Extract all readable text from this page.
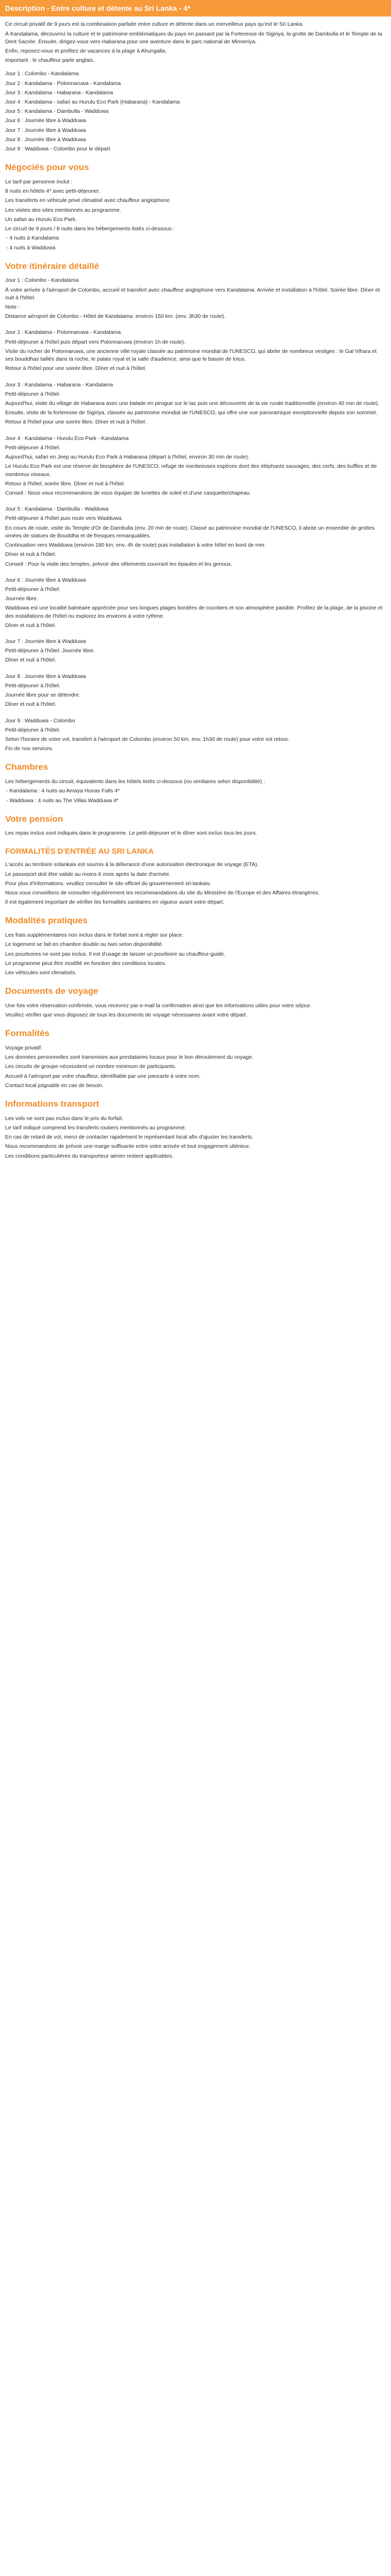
Description - Entre culture et détente au Sri Lanka - 4*

Ce circuit privatif de 9 jours est la combinaison parfaite entre culture et détente dans un merveilleux pays qu'est le Sri Lanka.

À Kandalama, découvrez la culture et le patrimoine emblématiques du pays en passant par la Forteresse de Sigiriya, la grotte de Dambulla et le Temple de la Dent Sacrée. Ensuite, dirigez-vous vers Habarana pour une aventure dans le parc national de Minneriya.

Enfin, reposez-vous et profitez de vacances à la plage à Ahungalla.

Important : le chauffeur parle anglais.

Jour 1 : Colombo - Kandalama

Jour 2 : Kandalama - Polonnaruwa - Kandalama

Jour 3 : Kandalama - Habarana - Kandalama

Jour 4 : Kandalama - safari au Hurulu Eco Park (Habarana) - Kandalama

Jour 5 : Kandalama - Dambulla - Wadduwa

Jour 6 : Journée libre à Wadduwa

Jour 7 : Journée libre à Wadduwa

Jour 8 : Journée libre à Wadduwa

Jour 9 : Wadduwa - Colombo pour le départ

Négociés pour vous

Le tarif par personne inclut :

8 nuits en hôtels 4* avec petit-déjeuner.

Les transferts en véhicule privé climatisé avec chauffeur anglophone.

Les visites des sites mentionnés au programme.

Un safari au Hurulu Eco Park.

Le circuit de 9 jours / 8 nuits dans les hébergements listés ci-dessous :

- 4 nuits à Kandalama

- 4 nuits à Wadduwa

Votre itinéraire détaillé

Jour 1 : Colombo - Kandalama

À votre arrivée à l'aéroport de Colombo, accueil et transfert avec chauffeur anglophone vers Kandalama. Arrivée et installation à l'hôtel. Soirée libre. Dîner et nuit à l'hôtel.

Note :

Distance aéroport de Colombo - Hôtel de Kandalama: environ 150 km. (env. 3h30 de route).

Jour 2 : Kandalama - Polonnaruwa - Kandalama

Petit-déjeuner à l'hôtel puis départ vers Polonnaruwa (environ 1h de route).

Visite du rocher de Polonnaruwa, une ancienne ville royale classée au patrimoine mondial de l'UNESCO, qui abrite de nombreux vestiges : le Gal Vihara et ses bouddhas taillés dans la roche, le palais royal et la salle d'audience, ainsi que le bassin de lotus.

Retour à l'hôtel pour une soirée libre. Dîner et nuit à l'hôtel.

Jour 3 : Kandalama - Habarana - Kandalama

Petit-déjeuner à l'hôtel.

Aujourd'hui, visite du village de Habarana avec une balade en pirogue sur le lac puis une découverte de la vie rurale traditionnelle (environ 40 min de route).

Ensuite, visite de la forteresse de Sigiriya, classée au patrimoine mondial de l'UNESCO, qui offre une vue panoramique exceptionnelle depuis son sommet.

Retour à l'hôtel pour une soirée libre. Dîner et nuit à l'hôtel.

Jour 4 : Kandalama - Hurulu Eco Park - Kandalama

Petit-déjeuner à l'hôtel.

Aujourd'hui, safari en Jeep au Hurulu Eco Park à Habarana (départ à l'hôtel, environ 30 min de route).

Le Hurulu Eco Park est une réserve de biosphère de l'UNESCO, refuge de nombreuses espèces dont des éléphants sauvages, des cerfs, des buffles et de nombreux oiseaux.

Retour à l'hôtel, soirée libre. Dîner et nuit à l'hôtel.

Conseil : Nous vous recommandons de vous équiper de lunettes de soleil et d'une casquette/chapeau.

Jour 5 : Kandalama - Dambulla - Wadduwa

Petit-déjeuner à l'hôtel puis route vers Wadduwa.

En cours de route, visite du Temple d'Or de Dambulla (env. 20 min de route). Classé au patrimoine mondial de l'UNESCO, il abrite un ensemble de grottes ornées de statues de Bouddha et de fresques remarquables.

Continuation vers Wadduwa (environ 180 km, env. 4h de route) puis installation à votre hôtel en bord de mer.

Dîner et nuit à l'hôtel.

Conseil : Pour la visite des temples, prévoir des vêtements couvrant les épaules et les genoux.

Jour 6 : Journée libre à Wadduwa

Petit-déjeuner à l'hôtel.

Journée libre.

Wadduwa est une localité balnéaire appréciée pour ses longues plages bordées de cocotiers et son atmosphère paisible. Profitez de la plage, de la piscine et des installations de l'hôtel ou explorez les environs à votre rythme.

Dîner et nuit à l'hôtel.

Jour 7 : Journée libre à Wadduwa

Petit-déjeuner à l'hôtel. Journée libre.

Dîner et nuit à l'hôtel.

Jour 8 : Journée libre à Wadduwa

Petit-déjeuner à l'hôtel.

Journée libre pour se détendre.

Dîner et nuit à l'hôtel.

Jour 9 : Wadduwa - Colombo

Petit-déjeuner à l'hôtel.

Selon l'horaire de votre vol, transfert à l'aéroport de Colombo (environ 50 km, env. 1h30 de route) pour votre vol retour.

Fin de nos services.

Chambres

Les hébergements du circuit, équivalents dans les hôtels listés ci-dessous (ou similaires selon disponibilité) :

- Kandalama : 4 nuits au Amaya Hunas Falls 4*

- Wadduwa : 4 nuits au The Villas Wadduwa 4*

Votre pension

Les repas inclus sont indiqués dans le programme. Le petit-déjeuner et le dîner sont inclus tous les jours.

FORMALITÉS D'ENTRÉE AU SRI LANKA

L'accès au territoire srilankais est soumis à la délivrance d'une autorisation électronique de voyage (ETA).

Le passeport doit être valide au moins 6 mois après la date d'arrivée.

Pour plus d'informations, veuillez consulter le site officiel du gouvernement sri-lankais.

Nous vous conseillons de consulter régulièrement les recommandations du site du Ministère de l'Europe et des Affaires étrangères.

Il est également important de vérifier les formalités sanitaires en vigueur avant votre départ.

Modalités pratiques

Les frais supplémentaires non inclus dans le forfait sont à régler sur place.

Le logement se fait en chambre double ou twin selon disponibilité.

Les pourboires ne sont pas inclus. Il est d'usage de laisser un pourboire au chauffeur-guide.

Le programme peut être modifié en fonction des conditions locales.

Les véhicules sont climatisés.

Documents de voyage

Une fois votre réservation confirmée, vous recevrez par e-mail la confirmation ainsi que les informations utiles pour votre séjour.

Veuillez vérifier que vous disposez de tous les documents de voyage nécessaires avant votre départ.

Formalités

Voyage privatif.

Les données personnelles sont transmises aux prestataires locaux pour le bon déroulement du voyage.

Les circuits de groupe nécessitent un nombre minimum de participants.

Accueil à l'aéroport par votre chauffeur, identifiable par une pancarte à votre nom.

Contact local joignable en cas de besoin.

Informations transport

Les vols ne sont pas inclus dans le prix du forfait.

Le tarif indiqué comprend les transferts routiers mentionnés au programme.

En cas de retard de vol, merci de contacter rapidement le représentant local afin d'ajuster les transferts.

Nous recommandons de prévoir une marge suffisante entre votre arrivée et tout engagement ultérieur.

Les conditions particulières du transporteur aérien restent applicables.
